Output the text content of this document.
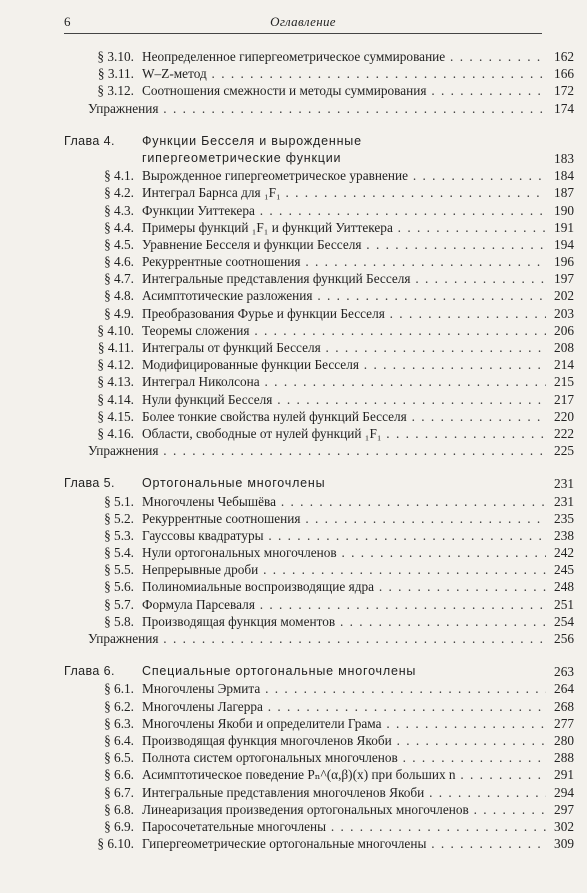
6	Оглавление
§ 3.10. Неопределенное гипергеометрическое суммирование . . .	162
§ 3.11. W–Z-метод . . .	166
§ 3.12. Соотношения смежности и методы суммирования . . .	172
Упражнения . . .	174
Глава 4. Функции Бесселя и вырожденные
гипергеометрические функции	183
§ 4.1. Вырожденное гипергеометрическое уравнение . . .	184
§ 4.2. Интеграл Барнса для ₁F₁ . . .	187
§ 4.3. Функции Уиттекера . . .	190
§ 4.4. Примеры функций ₁F₁ и функций Уиттекера . . .	191
§ 4.5. Уравнение Бесселя и функции Бесселя . . .	194
§ 4.6. Рекуррентные соотношения . . .	196
§ 4.7. Интегральные представления функций Бесселя . . .	197
§ 4.8. Асимптотические разложения . . .	202
§ 4.9. Преобразования Фурье и функции Бесселя . . .	203
§ 4.10. Теоремы сложения . . .	206
§ 4.11. Интегралы от функций Бесселя . . .	208
§ 4.12. Модифицированные функции Бесселя . . .	214
§ 4.13. Интеграл Николсона . . .	215
§ 4.14. Нули функций Бесселя . . .	217
§ 4.15. Более тонкие свойства нулей функций Бесселя . . .	220
§ 4.16. Области, свободные от нулей функций ₁F₁ . . .	222
Упражнения . . .	225
Глава 5. Ортогональные многочлены	231
§ 5.1. Многочлены Чебышёва . . .	231
§ 5.2. Рекуррентные соотношения . . .	235
§ 5.3. Гауссовы квадратуры . . .	238
§ 5.4. Нули ортогональных многочленов . . .	242
§ 5.5. Непрерывные дроби . . .	245
§ 5.6. Полиномиальные воспроизводящие ядра . . .	248
§ 5.7. Формула Парсеваля . . .	251
§ 5.8. Производящая функция моментов . . .	254
Упражнения . . .	256
Глава 6. Специальные ортогональные многочлены	263
§ 6.1. Многочлены Эрмита . . .	264
§ 6.2. Многочлены Лагерра . . .	268
§ 6.3. Многочлены Якоби и определители Грама . . .	277
§ 6.4. Производящая функция многочленов Якоби . . .	280
§ 6.5. Полнота систем ортогональных многочленов . . .	288
§ 6.6. Асимптотическое поведение Pₙ^(α,β)(x) при больших n . . .	291
§ 6.7. Интегральные представления многочленов Якоби . . .	294
§ 6.8. Линеаризация произведения ортогональных многочленов . . .	297
§ 6.9. Паросочетательные многочлены . . .	302
§ 6.10. Гипергеометрические ортогональные многочлены . . .	309
